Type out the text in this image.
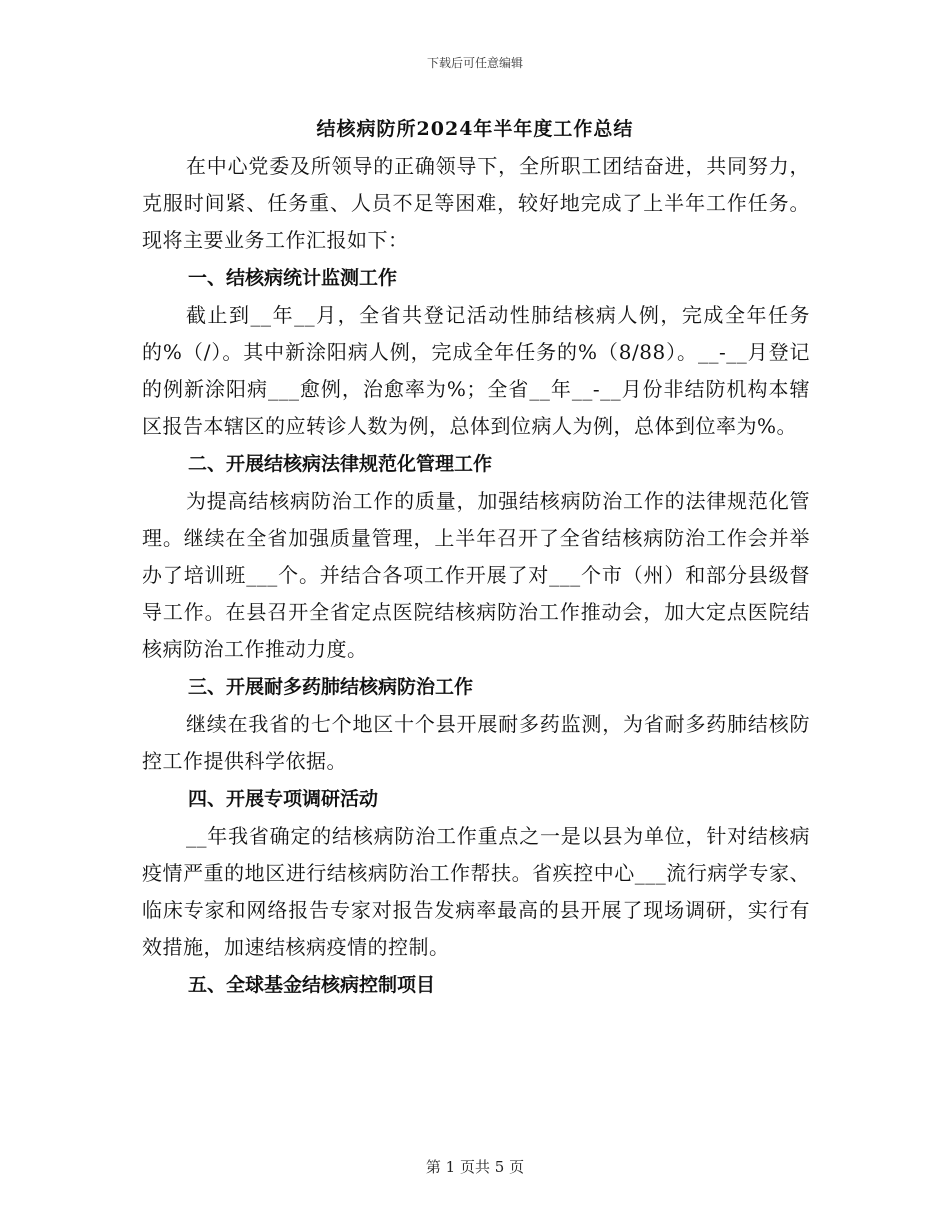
下载后可任意编辑
结核病防所2024年半年度工作总结

在中心党委及所领导的正确领导下，全所职工团结奋进，共同努力，克服时间紧、任务重、人员不足等困难，较好地完成了上半年工作任务。现将主要业务工作汇报如下：

一、结核病统计监测工作

截止到__年__月，全省共登记活动性肺结核病人例，完成全年任务的%（/）。其中新涂阳病人例，完成全年任务的%（8/88）。__-__月登记的例新涂阳病___愈例，治愈率为%；全省__年__-__月份非结防机构本辖区报告本辖区的应转诊人数为例，总体到位病人为例，总体到位率为%。

二、开展结核病法律规范化管理工作

为提高结核病防治工作的质量，加强结核病防治工作的法律规范化管理。继续在全省加强质量管理，上半年召开了全省结核病防治工作会并举办了培训班___个。并结合各项工作开展了对___个市（州）和部分县级督导工作。在县召开全省定点医院结核病防治工作推动会，加大定点医院结核病防治工作推动力度。

三、开展耐多药肺结核病防治工作

继续在我省的七个地区十个县开展耐多药监测，为省耐多药肺结核防控工作提供科学依据。

四、开展专项调研活动

__年我省确定的结核病防治工作重点之一是以县为单位，针对结核病疫情严重的地区进行结核病防治工作帮扶。省疾控中心___流行病学专家、临床专家和网络报告专家对报告发病率最高的县开展了现场调研，实行有效措施，加速结核病疫情的控制。

五、全球基金结核病控制项目
第 1 页共 5 页
